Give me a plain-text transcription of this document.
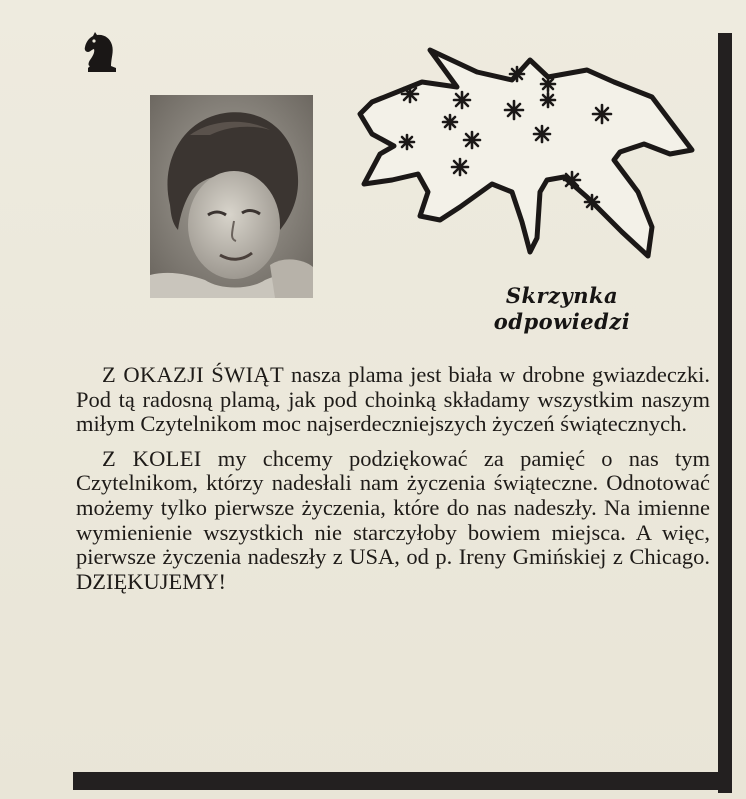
Skrzynka
odpowiedzi

Z OKAZJI ŚWIĄT nasza plama jest biała w drobne gwiazdeczki. Pod tą radosną plamą, jak pod choinką składamy wszystkim naszym miłym Czytelnikom moc najserdeczniejszych życzeń świątecznych.

Z KOLEI my chcemy podziękować za pamięć o nas tym Czytelnikom, którzy nadesłali nam życzenia świąteczne. Odnotować możemy tylko pierwsze życzenia, które do nas nadeszły. Na imienne wymienienie wszystkich nie starczyłoby bowiem miejsca. A więc, pierwsze życzenia nadeszły z USA, od p. Ireny Gmińskiej z Chicago. DZIĘKUJEMY!
